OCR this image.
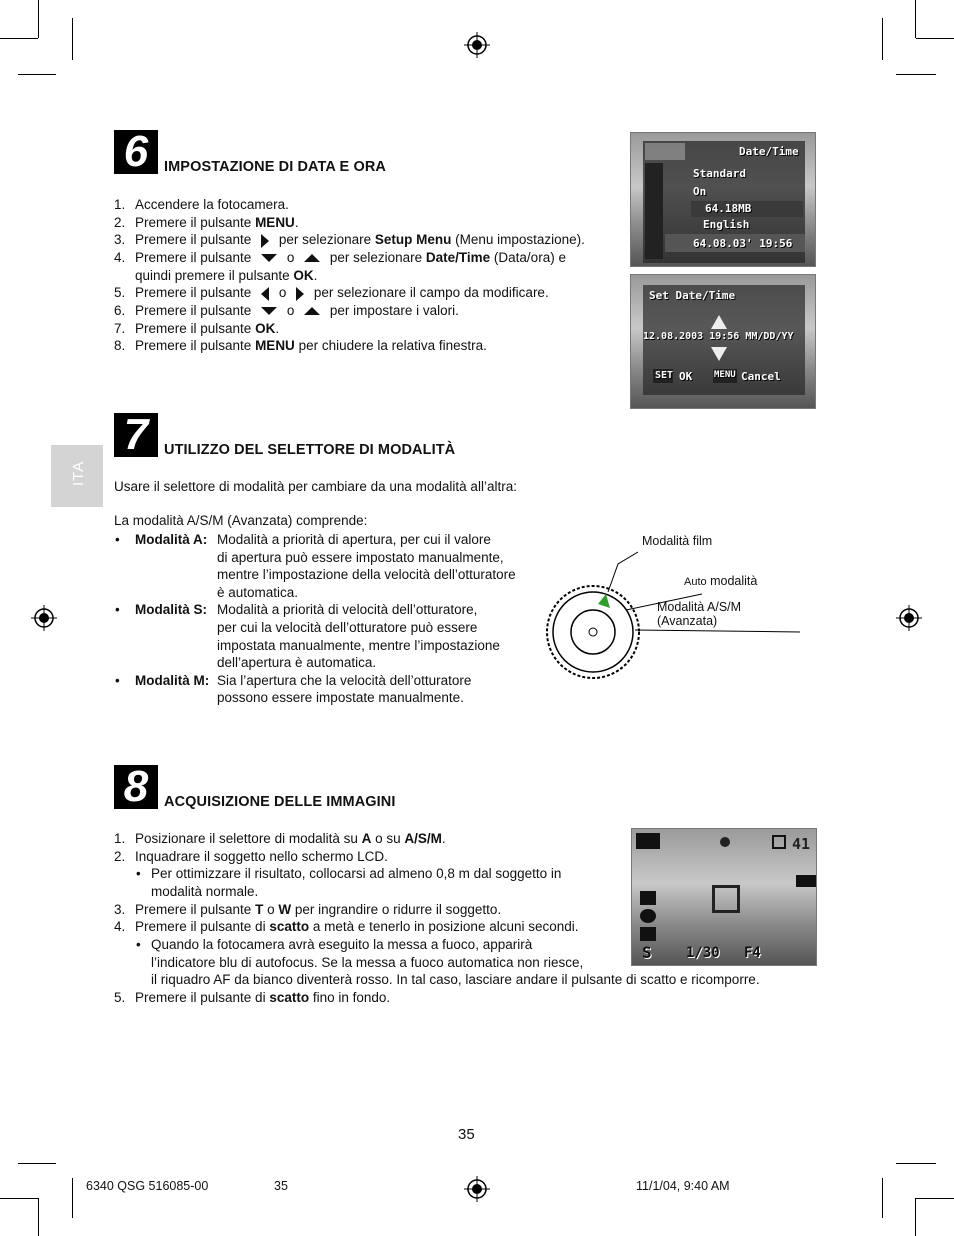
ITA
6	IMPOSTAZIONE DI DATA E ORA
1. Accendere la fotocamera.
2. Premere il pulsante MENU.
3. Premere il pulsante  per selezionare Setup Menu (Menu impostazione).
4. Premere il pulsante  o  per selezionare Date/Time (Data/ora) e
quindi premere il pulsante OK.
5. Premere il pulsante  o  per selezionare il campo da modificare.
6. Premere il pulsante  o  per impostare i valori.
7. Premere il pulsante OK.
8. Premere il pulsante MENU per chiudere la relativa finestra.
Date/Time
Standard
On
64.18MB
English
64.08.03' 19:56
Set Date/Time
12.08.2003 19:56 MM/DD/YY
SET OK MENU Cancel
7	UTILIZZO DEL SELETTORE DI MODALITÀ
Usare il selettore di modalità per cambiare da una modalità all’altra:
La modalità A/S/M (Avanzata) comprende:
• Modalità A: Modalità a priorità di apertura, per cui il valore
di apertura può essere impostato manualmente,
mentre l’impostazione della velocità dell’otturatore
è automatica.
• Modalità S: Modalità a priorità di velocità dell’otturatore,
per cui la velocità dell’otturatore può essere
impostata manualmente, mentre l’impostazione
dell’apertura è automatica.
• Modalità M: Sia l’apertura che la velocità dell’otturatore
possono essere impostate manualmente.
Modalità film
Auto modalità
Modalità A/S/M
(Avanzata)
8	ACQUISIZIONE DELLE IMMAGINI
1. Posizionare il selettore di modalità su A o su A/S/M.
2. Inquadrare il soggetto nello schermo LCD.
• Per ottimizzare il risultato, collocarsi ad almeno 0,8 m dal soggetto in
modalità normale.
3. Premere il pulsante T o W per ingrandire o ridurre il soggetto.
4. Premere il pulsante di scatto a metà e tenerlo in posizione alcuni secondi.
• Quando la fotocamera avrà eseguito la messa a fuoco, apparirà
l’indicatore blu di autofocus. Se la messa a fuoco automatica non riesce,
il riquadro AF da bianco diventerà rosso. In tal caso, lasciare andare il pulsante di scatto e ricomporre.
5. Premere il pulsante di scatto fino in fondo.
41
S 1/30 F4
35
6340 QSG 516085-00	35	11/1/04, 9:40 AM
